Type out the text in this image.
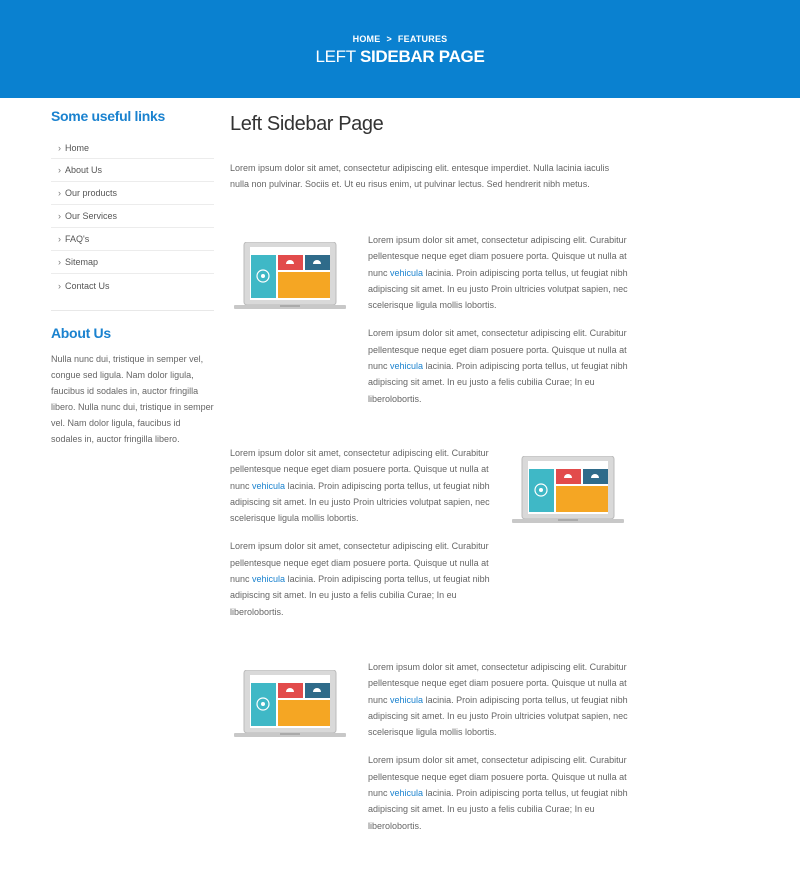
HOME > FEATURES
LEFT SIDEBAR PAGE
Some useful links
› Home
› About Us
› Our products
› Our Services
› FAQ's
› Sitemap
› Contact Us
About Us

Nulla nunc dui, tristique in semper vel, congue sed ligula. Nam dolor ligula, faucibus id sodales in, auctor fringilla libero. Nulla nunc dui, tristique in semper vel. Nam dolor ligula, faucibus id sodales in, auctor fringilla libero.

Left Sidebar Page

Lorem ipsum dolor sit amet, consectetur adipiscing elit. entesque imperdiet. Nulla lacinia iaculis nulla non pulvinar. Sociis et. Ut eu risus enim, ut pulvinar lectus. Sed hendrerit nibh metus.

Lorem ipsum dolor sit amet, consectetur adipiscing elit. Curabitur pellentesque neque eget diam posuere porta. Quisque ut nulla at nunc vehicula lacinia. Proin adipiscing porta tellus, ut feugiat nibh adipiscing sit amet. In eu justo Proin ultricies volutpat sapien, nec scelerisque ligula mollis lobortis.

Lorem ipsum dolor sit amet, consectetur adipiscing elit. Curabitur pellentesque neque eget diam posuere porta. Quisque ut nulla at nunc vehicula lacinia. Proin adipiscing porta tellus, ut feugiat nibh adipiscing sit amet. In eu justo a felis cubilia Curae; In eu liberolobortis.

Lorem ipsum dolor sit amet, consectetur adipiscing elit. Curabitur pellentesque neque eget diam posuere porta. Quisque ut nulla at nunc vehicula lacinia. Proin adipiscing porta tellus, ut feugiat nibh adipiscing sit amet. In eu justo Proin ultricies volutpat sapien, nec scelerisque ligula mollis lobortis.

Lorem ipsum dolor sit amet, consectetur adipiscing elit. Curabitur pellentesque neque eget diam posuere porta. Quisque ut nulla at nunc vehicula lacinia. Proin adipiscing porta tellus, ut feugiat nibh adipiscing sit amet. In eu justo a felis cubilia Curae; In eu liberolobortis.

Lorem ipsum dolor sit amet, consectetur adipiscing elit. Curabitur pellentesque neque eget diam posuere porta. Quisque ut nulla at nunc vehicula lacinia. Proin adipiscing porta tellus, ut feugiat nibh adipiscing sit amet. In eu justo Proin ultricies volutpat sapien, nec scelerisque ligula mollis lobortis.

Lorem ipsum dolor sit amet, consectetur adipiscing elit. Curabitur pellentesque neque eget diam posuere porta. Quisque ut nulla at nunc vehicula lacinia. Proin adipiscing porta tellus, ut feugiat nibh adipiscing sit amet. In eu justo a felis cubilia Curae; In eu liberolobortis.
